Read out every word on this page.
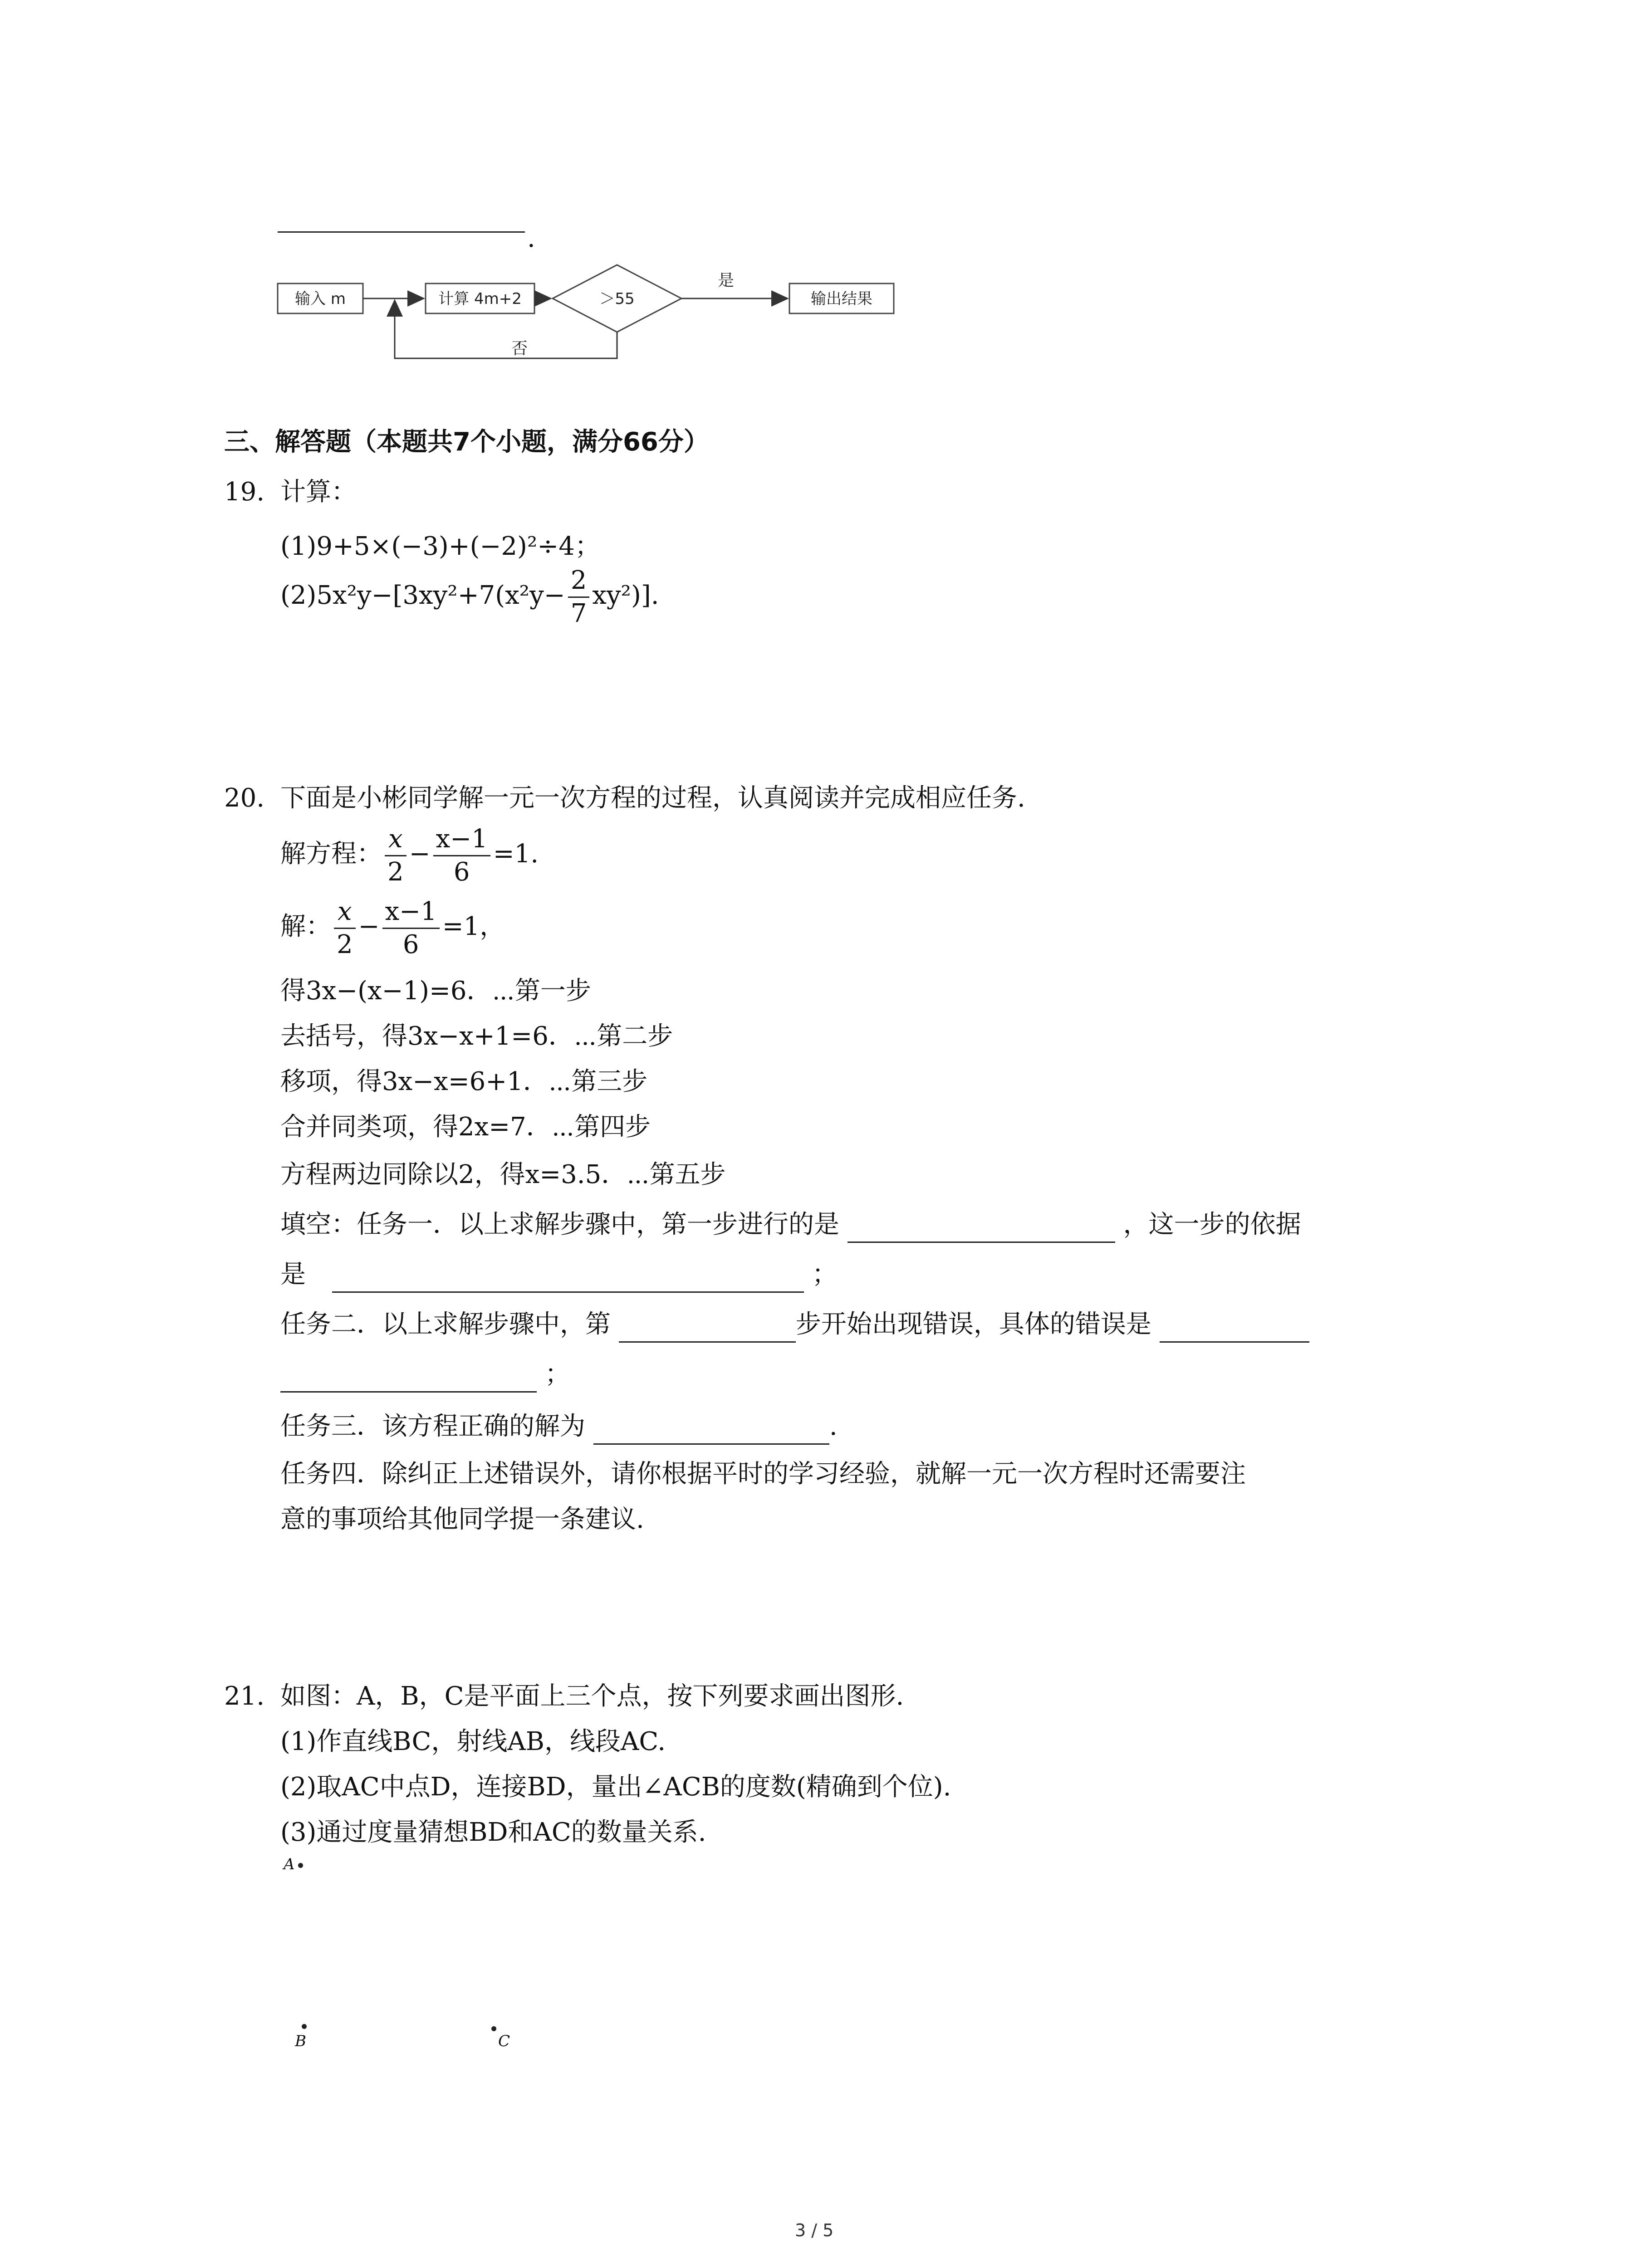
.
输入 m	计算 4m+2	＞55	输出结果
是
否
三、解答题（本题共7个小题，满分66分）
19. 计算：
(1)9+5×(−3)+(−2)²÷4；
$(2)5x^2y-[3xy^2+7(x^2y- \frac{2}{7} xy^2)]$.
20. 下面是小彬同学解一元一次方程的过程，认真阅读并完成相应任务.
解方程： $\frac{x}{2} - \frac{x-1}{6} =1$.
解： $\frac{x}{2} - \frac{x-1}{6} =1$，
得3x−(x−1)=6．⋯第一步
去括号，得3x−x+1=6．⋯第二步
移项，得3x−x=6+1．⋯第三步
合并同类项，得2x=7．⋯第四步
方程两边同除以2，得x=3.5．⋯第五步
填空：任务一．以上求解步骤中，第一步进行的是	，这一步的依据
是	；
任务二．以上求解步骤中，第	步开始出现错误，具体的错误是
；
任务三．该方程正确的解为	.
任务四．除纠正上述错误外，请你根据平时的学习经验，就解一元一次方程时还需要注
意的事项给其他同学提一条建议.
21. 如图：A，B，C是平面上三个点，按下列要求画出图形.
(1)作直线BC，射线AB，线段AC.
(2)取AC中点D，连接BD，量出∠ACB的度数(精确到个位).
(3)通过度量猜想BD和AC的数量关系.
A
B	C
3 / 5
